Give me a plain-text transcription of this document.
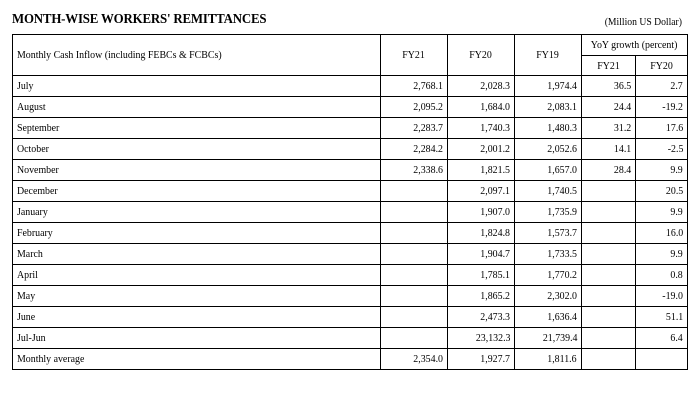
MONTH-WISE WORKERS' REMITTANCES	(Million US Dollar)
Monthly Cash Inflow (including FEBCs & FCBCs)	FY21	FY20	FY19	YoY growth (percent)	
				FY21	FY20
July	2,768.1	2,028.3	1,974.4	36.5	2.7
August	2,095.2	1,684.0	2,083.1	24.4	-19.2
September	2,283.7	1,740.3	1,480.3	31.2	17.6
October	2,284.2	2,001.2	2,052.6	14.1	-2.5
November	2,338.6	1,821.5	1,657.0	28.4	9.9
December		2,097.1	1,740.5		20.5
January		1,907.0	1,735.9		9.9
February		1,824.8	1,573.7		16.0
March		1,904.7	1,733.5		9.9
April		1,785.1	1,770.2		0.8
May		1,865.2	2,302.0		-19.0
June		2,473.3	1,636.4		51.1
Jul-Jun		23,132.3	21,739.4		6.4
Monthly average	2,354.0	1,927.7	1,811.6		
